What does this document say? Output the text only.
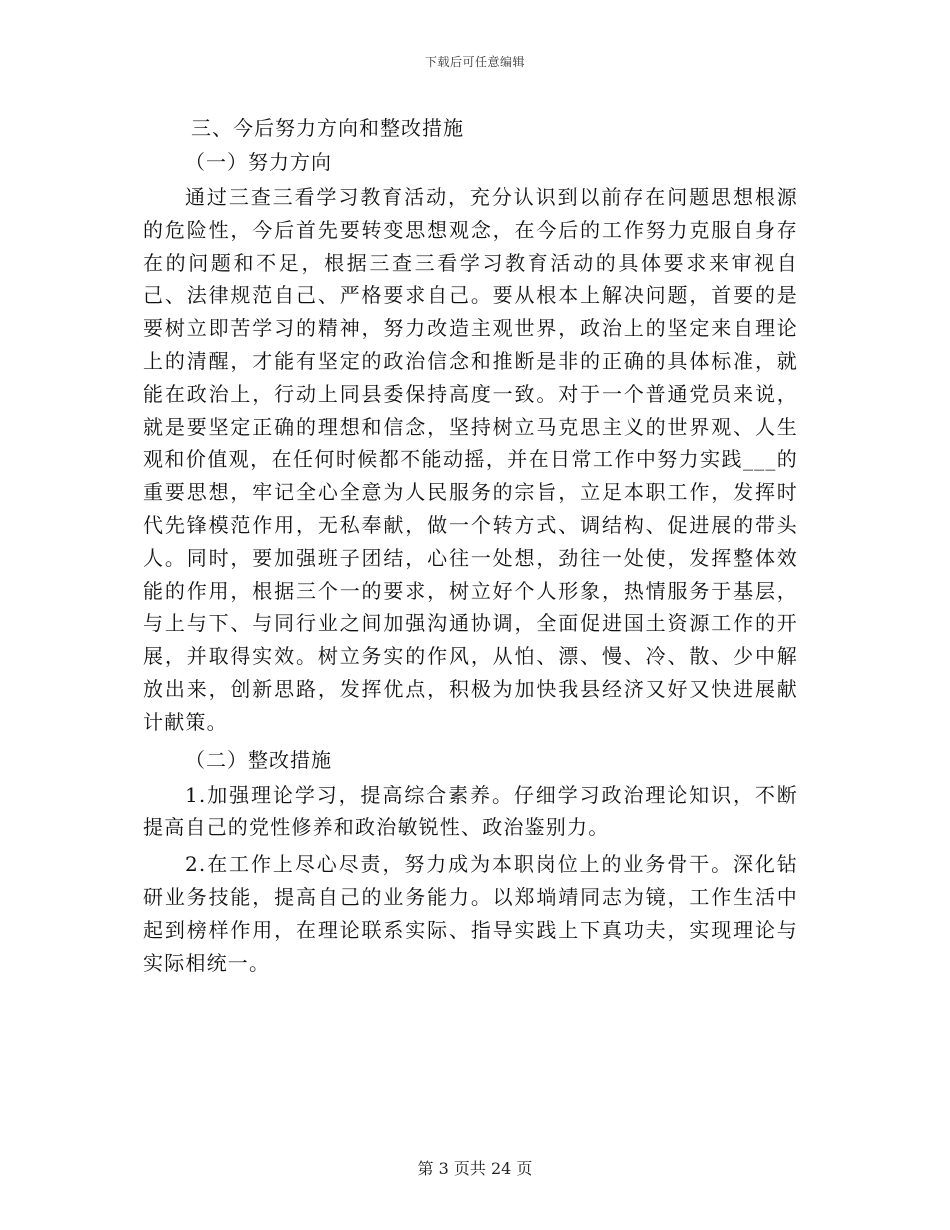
下载后可任意编辑
三、今后努力方向和整改措施
（一）努力方向

通过三查三看学习教育活动，充分认识到以前存在问题思想根源的危险性，今后首先要转变思想观念，在今后的工作努力克服自身存在的问题和不足，根据三查三看学习教育活动的具体要求来审视自己、法律规范自己、严格要求自己。要从根本上解决问题，首要的是要树立即苦学习的精神，努力改造主观世界，政治上的坚定来自理论上的清醒，才能有坚定的政治信念和推断是非的正确的具体标准，就能在政治上，行动上同县委保持高度一致。对于一个普通党员来说，就是要坚定正确的理想和信念，坚持树立马克思主义的世界观、人生观和价值观，在任何时候都不能动摇，并在日常工作中努力实践___的重要思想，牢记全心全意为人民服务的宗旨，立足本职工作，发挥时代先锋模范作用，无私奉献，做一个转方式、调结构、促进展的带头人。同时，要加强班子团结，心往一处想，劲往一处使，发挥整体效能的作用，根据三个一的要求，树立好个人形象，热情服务于基层，与上与下、与同行业之间加强沟通协调，全面促进国土资源工作的开展，并取得实效。树立务实的作风，从怕、漂、慢、冷、散、少中解放出来，创新思路，发挥优点，积极为加快我县经济又好又快进展献计献策。

（二）整改措施

1.加强理论学习，提高综合素养。仔细学习政治理论知识，不断提高自己的党性修养和政治敏锐性、政治鉴别力。

2.在工作上尽心尽责，努力成为本职岗位上的业务骨干。深化钻研业务技能，提高自己的业务能力。以郑埫靖同志为镜，工作生活中起到榜样作用，在理论联系实际、指导实践上下真功夫，实现理论与实际相统一。

第 3 页共 24 页
